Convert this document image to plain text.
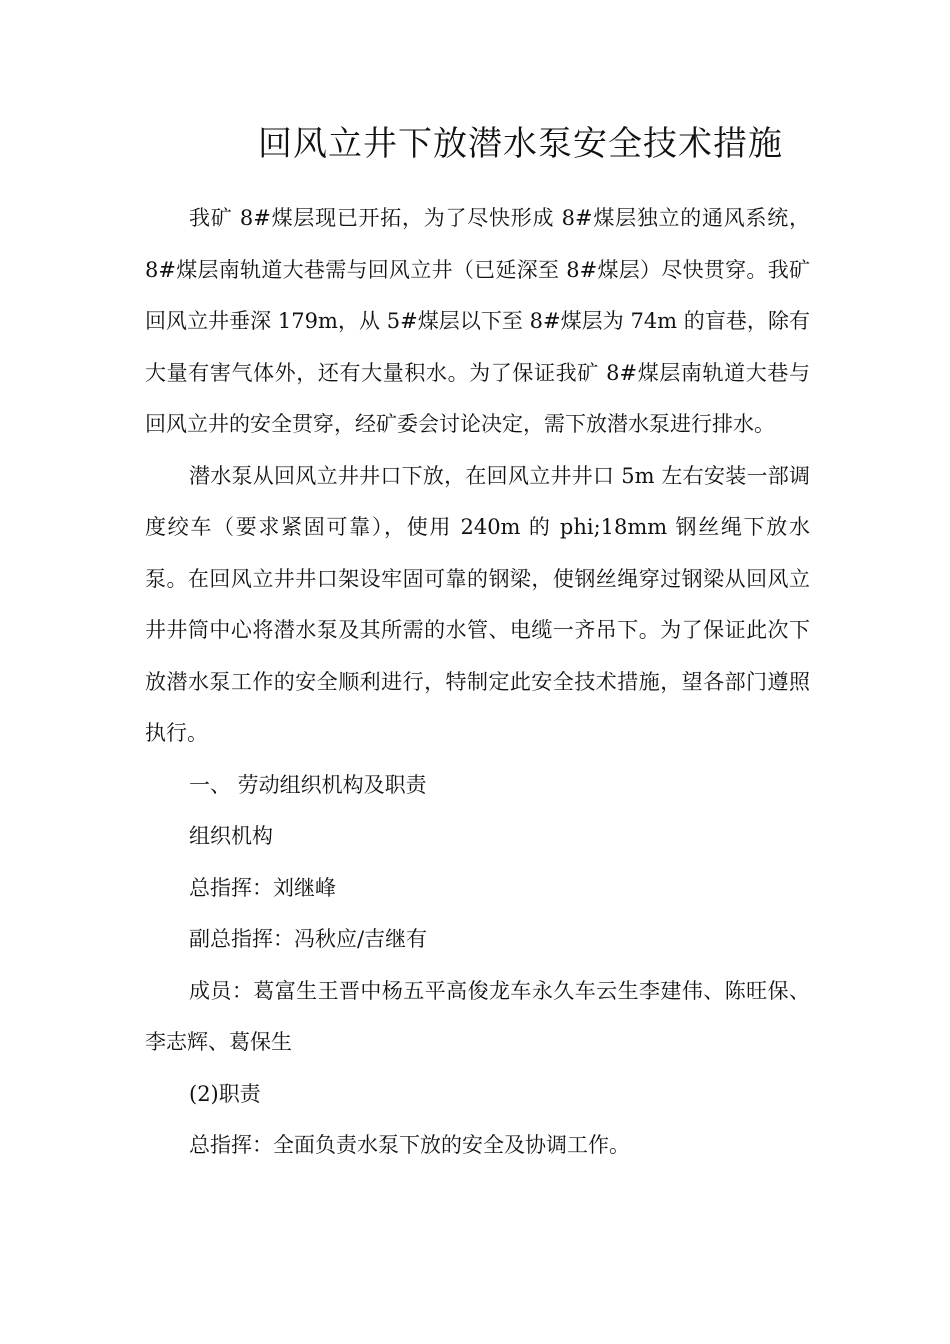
回风立井下放潜水泵安全技术措施

我矿 8#煤层现已开拓，为了尽快形成 8#煤层独立的通风系统，8#煤层南轨道大巷需与回风立井（已延深至 8#煤层）尽快贯穿。我矿回风立井垂深 179m，从 5#煤层以下至 8#煤层为 74m 的盲巷，除有大量有害气体外，还有大量积水。为了保证我矿 8#煤层南轨道大巷与回风立井的安全贯穿，经矿委会讨论决定，需下放潜水泵进行排水。

潜水泵从回风立井井口下放，在回风立井井口 5m 左右安装一部调度绞车（要求紧固可靠），使用 240m 的 phi;18mm 钢丝绳下放水泵。在回风立井井口架设牢固可靠的钢梁，使钢丝绳穿过钢梁从回风立井井筒中心将潜水泵及其所需的水管、电缆一齐吊下。为了保证此次下放潜水泵工作的安全顺利进行，特制定此安全技术措施，望各部门遵照执行。

一、 劳动组织机构及职责

组织机构

总指挥：刘继峰

副总指挥：冯秋应/吉继有

成员：葛富生王晋中杨五平高俊龙车永久车云生李建伟、陈旺保、李志辉、葛保生

(2)职责

总指挥：全面负责水泵下放的安全及协调工作。
